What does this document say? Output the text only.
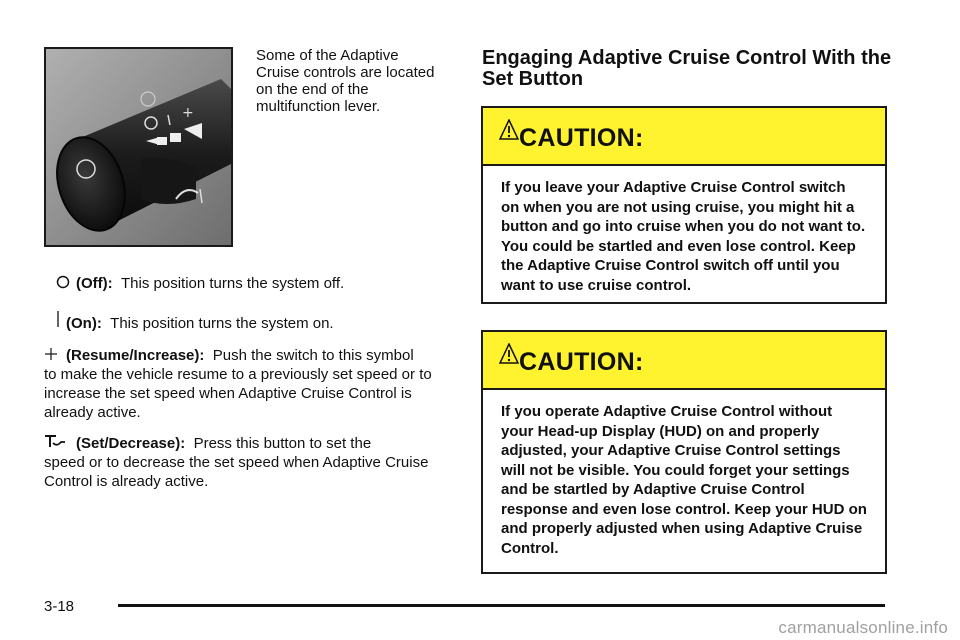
+
Some of the Adaptive Cruise controls are located on the end of the multifunction lever.
(Off): This position turns the system off.
(On): This position turns the system on.
(Resume/Increase): Push the switch to this symbol
to make the vehicle resume to a previously set speed or to increase the set speed when Adaptive Cruise Control is already active.
(Set/Decrease): Press this button to set the
speed or to decrease the set speed when Adaptive Cruise Control is already active.
Engaging Adaptive Cruise Control With the Set Button
CAUTION:
If you leave your Adaptive Cruise Control switch on when you are not using cruise, you might hit a button and go into cruise when you do not want to. You could be startled and even lose control. Keep the Adaptive Cruise Control switch off until you want to use cruise control.
CAUTION:
If you operate Adaptive Cruise Control without your Head-up Display (HUD) on and properly adjusted, your Adaptive Cruise Control settings will not be visible. You could forget your settings and be startled by Adaptive Cruise Control response and even lose control. Keep your HUD on and properly adjusted when using Adaptive Cruise Control.
3-18
carmanualsonline.info
